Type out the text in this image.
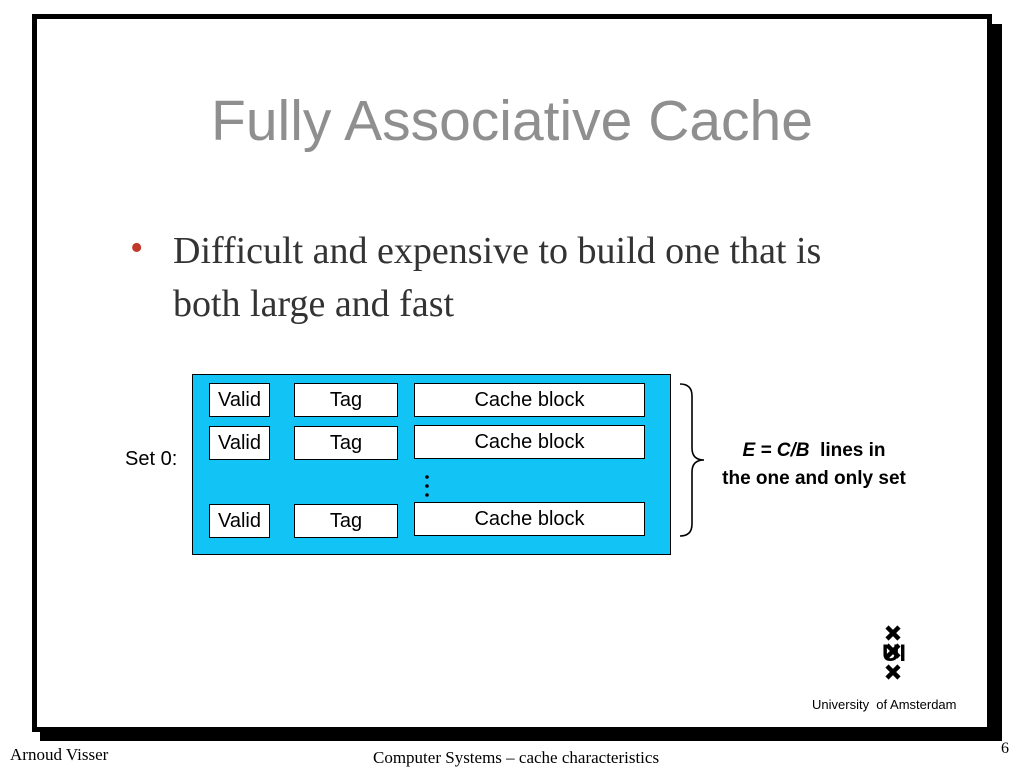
Fully Associative Cache
• Difficult and expensive to build one that is both large and fast
Set 0:
Valid	Tag	Cache block
Valid	Tag	Cache block
Valid	Tag	Cache block
E = C/B lines in
the one and only set
UI
University  of Amsterdam
Arnoud Visser	Computer Systems – cache characteristics	6
